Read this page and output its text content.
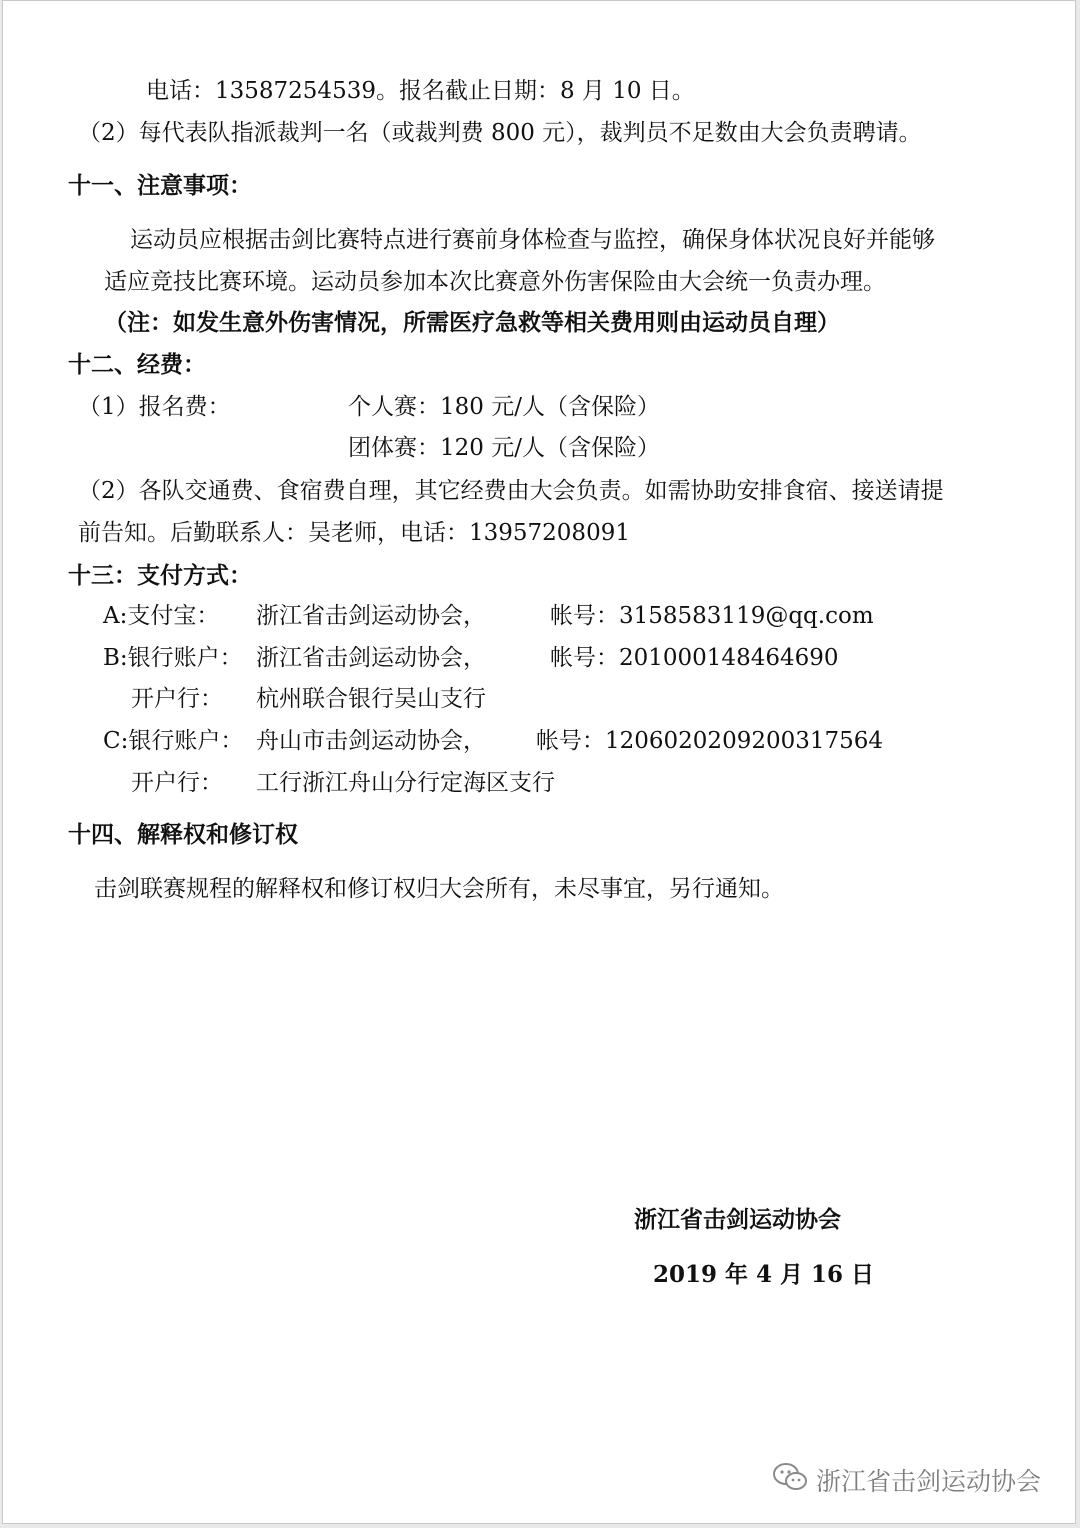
电话：13587254539。报名截止日期：8 月 10 日。
（2）每代表队指派裁判一名（或裁判费 800 元），裁判员不足数由大会负责聘请。
十一、注意事项：
运动员应根据击剑比赛特点进行赛前身体检查与监控，确保身体状况良好并能够
适应竞技比赛环境。运动员参加本次比赛意外伤害保险由大会统一负责办理。
（注：如发生意外伤害情况，所需医疗急救等相关费用则由运动员自理）
十二、经费：
（1）报名费：	个人赛：180 元/人（含保险）
团体赛：120 元/人（含保险）
（2）各队交通费、食宿费自理，其它经费由大会负责。如需协助安排食宿、接送请提
前告知。后勤联系人：吴老师，电话：13957208091
十三：支付方式：
A:支付宝： 浙江省击剑运动协会，	帐号：3158583119@qq.com
B:银行账户： 浙江省击剑运动协会，	帐号：201000148464690
开户行： 杭州联合银行吴山支行
C:银行账户： 舟山市击剑运动协会， 帐号：1206020209200317564
开户行： 工行浙江舟山分行定海区支行
十四、解释权和修订权
击剑联赛规程的解释权和修订权归大会所有，未尽事宜，另行通知。
浙江省击剑运动协会
2019 年 4 月 16 日
浙江省击剑运动协会
